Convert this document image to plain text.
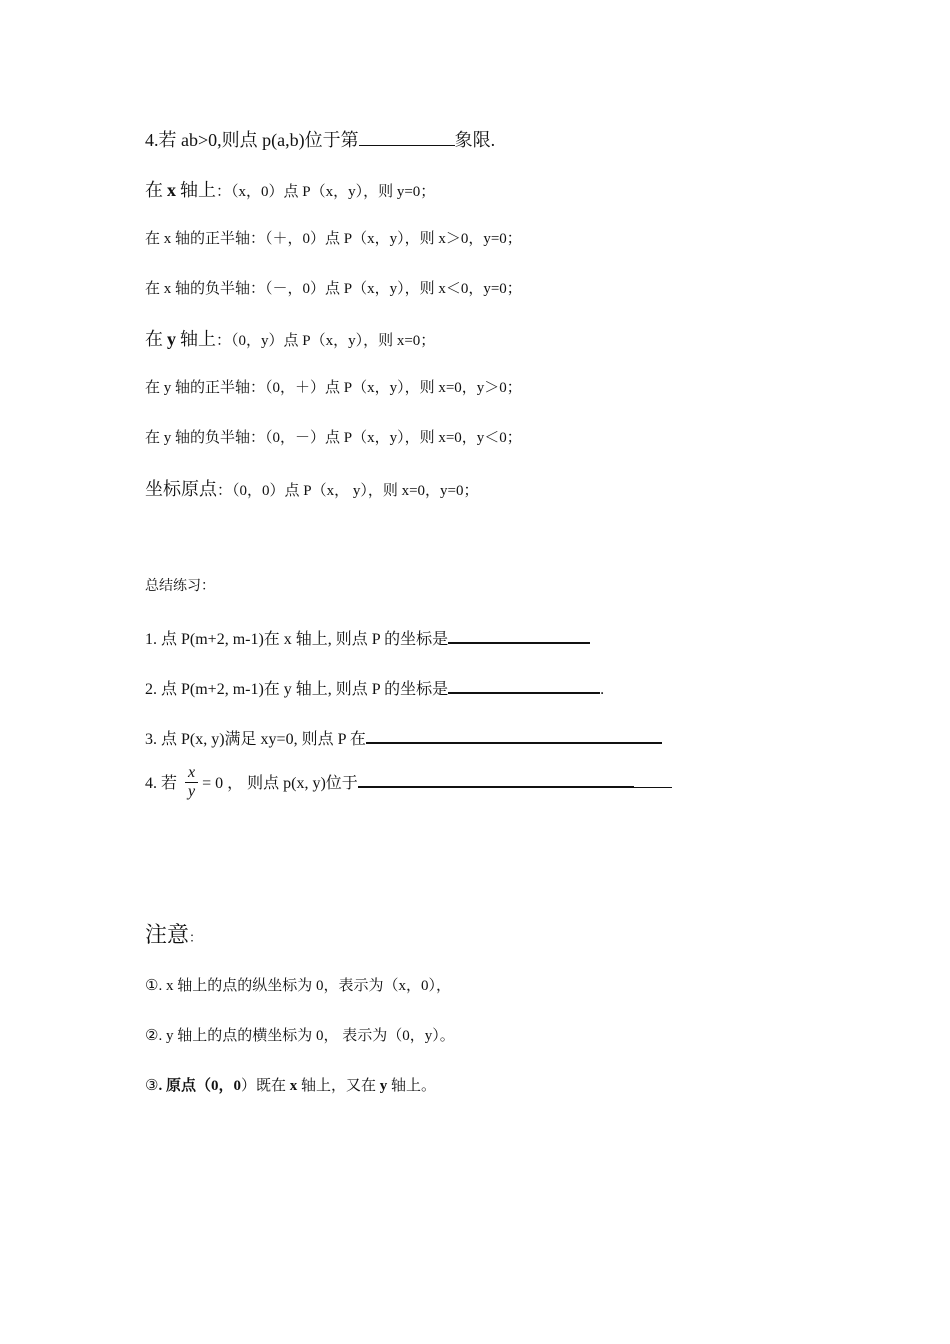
4.若 ab>0,则点 p(a,b)位于第	象限.
在 x 轴上：（x，0）点 P（x，y），则 y=0；
在 x 轴的正半轴：（＋，0）点 P（x，y），则 x＞0，y=0；
在 x 轴的负半轴：（－，0）点 P（x，y），则 x＜0，y=0；
在 y 轴上：（0，y）点 P（x，y），则 x=0；
在 y 轴的正半轴：（0，＋）点 P（x，y），则 x=0，y＞0；
在 y 轴的负半轴：（0，－）点 P（x，y），则 x=0，y＜0；
坐标原点：（0，0）点 P（x， y），则 x=0，y=0；
总结练习：
1. 点 P(m+2, m-1)在 x 轴上, 则点 P 的坐标是
2. 点 P(m+2, m-1)在 y 轴上, 则点 P 的坐标是	.
3. 点 P(x, y)满足 xy=0, 则点 P 在
4. 若 $\frac{x}{y} = 0$ ， 则点 p(x, y)位于
注意：
①. x 轴上的点的纵坐标为 0，表示为（x，0），
②. y 轴上的点的横坐标为 0， 表示为（0，y）。
③. 原点（0，0）既在 x 轴上，又在 y 轴上。
